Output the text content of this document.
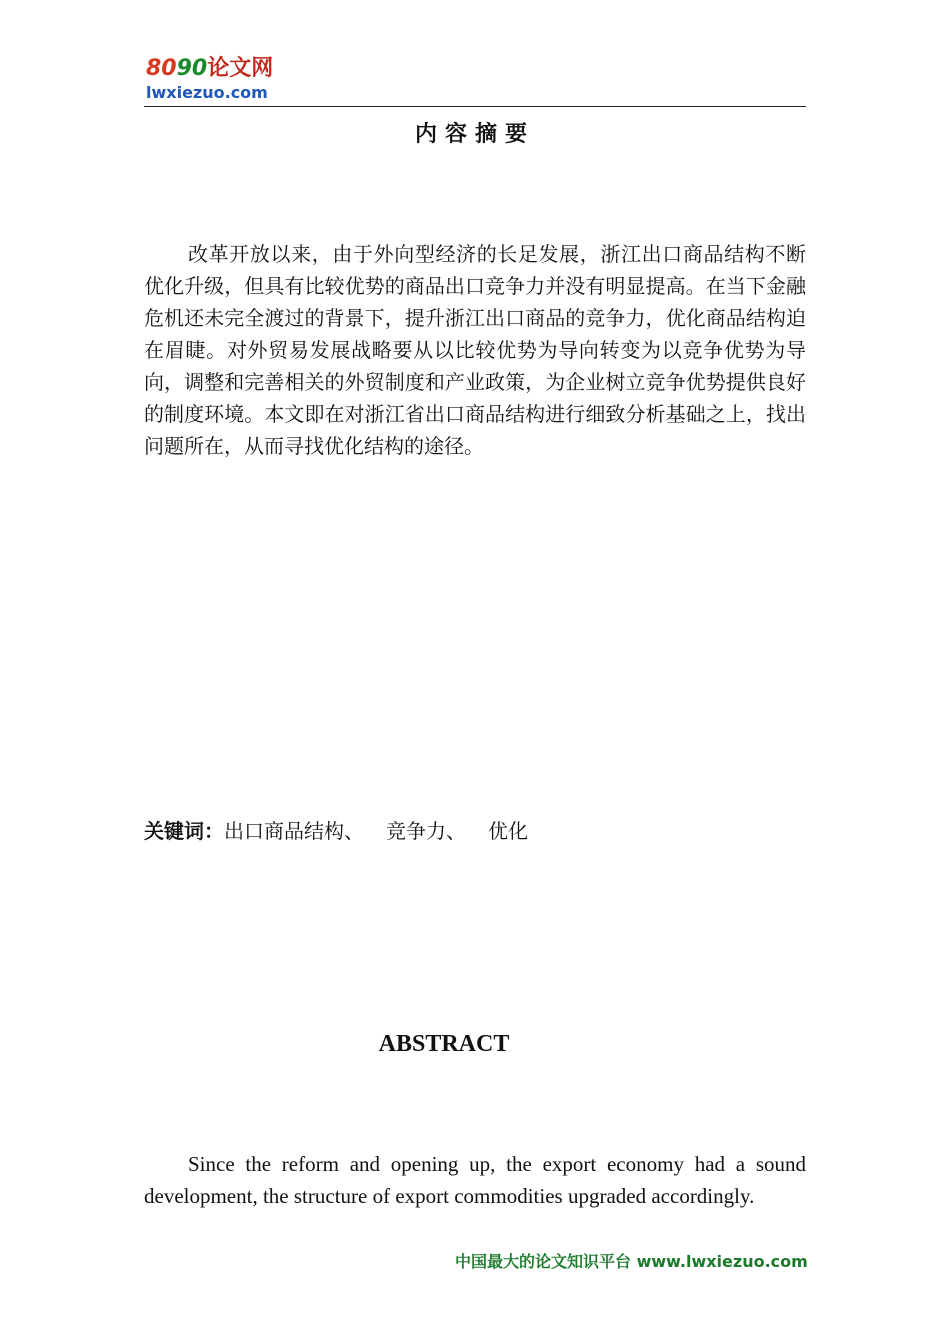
8090论文网
lwxiezuo.com
内容摘要

改革开放以来，由于外向型经济的长足发展，浙江出口商品结构不断优化升级，但具有比较优势的商品出口竞争力并没有明显提高。在当下金融危机还未完全渡过的背景下，提升浙江出口商品的竞争力，优化商品结构迫在眉睫。对外贸易发展战略要从以比较优势为导向转变为以竞争优势为导向，调整和完善相关的外贸制度和产业政策，为企业树立竞争优势提供良好的制度环境。本文即在对浙江省出口商品结构进行细致分析基础之上，找出问题所在，从而寻找优化结构的途径。

关键词：出口商品结构、 竞争力、 优化
ABSTRACT

Since the reform and opening up, the export economy had a sound development, the structure of export commodities upgraded accordingly.

中国最大的论文知识平台 www.lwxiezuo.com
